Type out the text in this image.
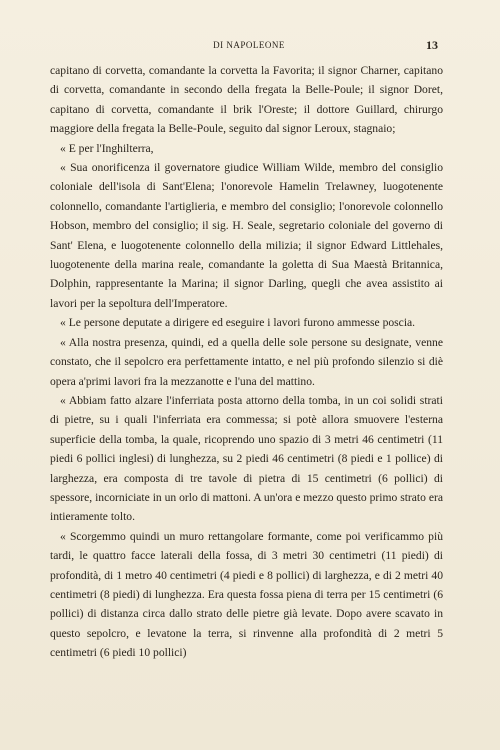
DI NAPOLEONE	13

capitano di corvetta, comandante la corvetta la Favorita; il signor Charner, capitano di corvetta, comandante in secondo della fregata la Belle-Poule; il signor Doret, capitano di corvetta, comandante il brik l'Oreste; il dottore Guillard, chirurgo maggiore della fregata la Belle-Poule, seguito dal signor Leroux, stagnaio;

« E per l'Inghilterra,

« Sua onorificenza il governatore giudice William Wilde, membro del consiglio coloniale dell'isola di Sant'Elena; l'onorevole Hamelin Trelawney, luogotenente colonnello, comandante l'artiglieria, e membro del consiglio; l'onorevole colonnello Hobson, membro del consiglio; il sig. H. Seale, segretario coloniale del governo di Sant' Elena, e luogotenente colonnello della milizia; il signor Edward Littlehales, luogotenente della marina reale, comandante la goletta di Sua Maestà Britannica, Dolphin, rappresentante la Marina; il signor Darling, quegli che avea assistito ai lavori per la sepoltura dell'Imperatore.

« Le persone deputate a dirigere ed eseguire i lavori furono ammesse poscia.

« Alla nostra presenza, quindi, ed a quella delle sole persone su designate, venne constato, che il sepolcro era perfettamente intatto, e nel più profondo silenzio si diè opera a'primi lavori fra la mezzanotte e l'una del mattino.

« Abbiam fatto alzare l'inferriata posta attorno della tomba, in un coi solidi strati di pietre, su i quali l'inferriata era commessa; si potè allora smuovere l'esterna superficie della tomba, la quale, ricoprendo uno spazio di 3 metri 46 centimetri (11 piedi 6 pollici inglesi) di lunghezza, su 2 piedi 46 centimetri (8 piedi e 1 pollice) di larghezza, era composta di tre tavole di pietra di 15 centimetri (6 pollici) di spessore, incorniciate in un orlo di mattoni. A un'ora e mezzo questo primo strato era intieramente tolto.

« Scorgemmo quindi un muro rettangolare formante, come poi verificammo più tardi, le quattro facce laterali della fossa, di 3 metri 30 centimetri (11 piedi) di profondità, di 1 metro 40 centimetri (4 piedi e 8 pollici) di larghezza, e di 2 metri 40 centimetri (8 piedi) di lunghezza. Era questa fossa piena di terra per 15 centimetri (6 pollici) di distanza circa dallo strato delle pietre già levate. Dopo avere scavato in questo sepolcro, e levatone la terra, si rinvenne alla profondità di 2 metri 5 centimetri (6 piedi 10 pollici)
